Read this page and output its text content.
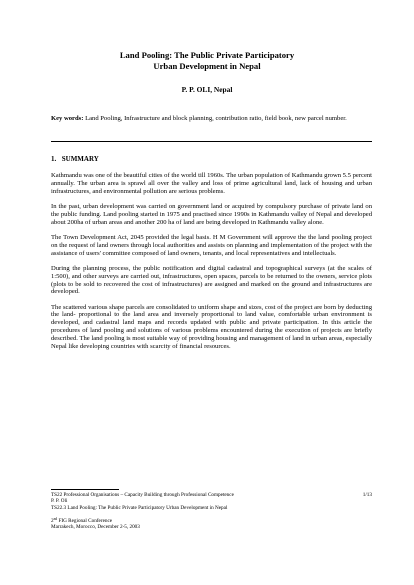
Land Pooling: The Public Private Participatory
Urban Development in Nepal
P. P. OLI, Nepal
Key words: Land Pooling, Infrastructure and block planning, contribution ratio, field book, new parcel number.
1. SUMMARY

Kathmandu was one of the beautiful cities of the world till 1960s. The urban population of Kathmandu grown 5.5 percent annually. The urban area is sprawl all over the valley and loss of prime agricultural land, lack of housing and urban infrastructures, and environmental pollution are serious problems.

In the past, urban development was carried on government land or acquired by compulsory purchase of private land on the public funding. Land pooling started in 1975 and practised since 1990s in Kathmandu valley of Nepal and developed about 200ha of urban areas and another 200 ha of land are being developed in Kathmandu valley alone.

The Town Development Act, 2045 provided the legal basis. H M Government will approve the the land pooling project on the request of land owners through local authorities and assists on planning and implementation of the project with the assistance of users' committee composed of land owners, tenants, and local representatives and intellectuals.

During the planning process, the public notification and digital cadastral and topographical surveys (at the scales of 1:500), and other surveys are carried out, infrastructures, open spaces, parcels to be returned to the owners, service plots (plots to be sold to recovered the cost of infrastructures) are assigned and marked on the ground and infrastructures are developed.

The scattered various shape parcels are consolidated to uniform shape and sizes, cost of the project are born by deducting the land- proportional to the land area and inversely proportional to land value, comfortable urban environment is developed, and cadastral land maps and records updated with public and private participation. In this article the procedures of land pooling and solutions of various problems encountered during the execution of projects are briefly described. The land pooling is most suitable way of providing housing and management of land in urban areas, especially Nepal like developing countries with scarcity of financial resources.

TS22 Professional Organisations – Capacity Building through Professional Competence	1/13
P. P. Oli
TS22.3 Land Pooling: The Public Private Participatory Urban Development in Nepal
2nd FIG Regional Conference
Marrakech, Morocco, December 2-5, 2003
